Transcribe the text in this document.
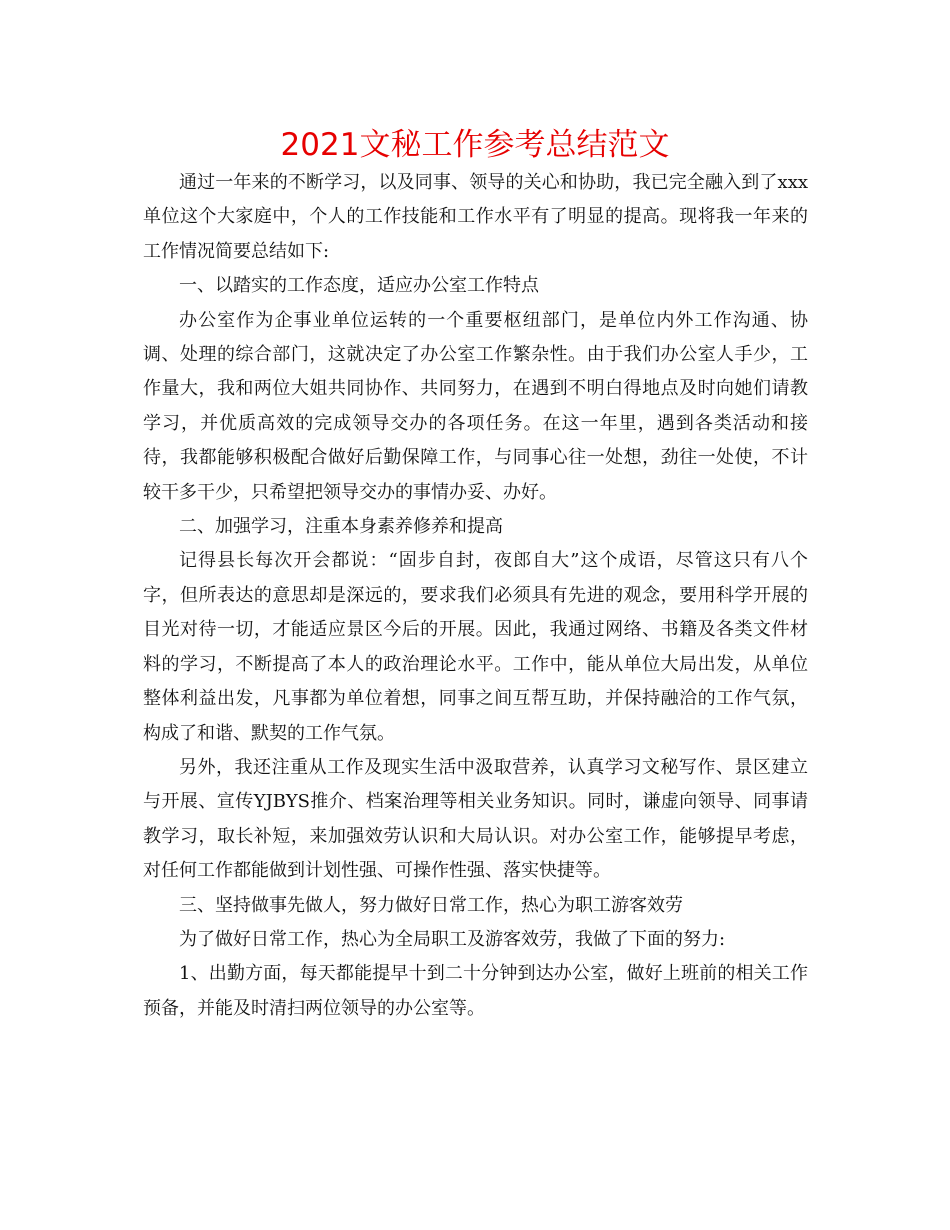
2021文秘工作参考总结范文

通过一年来的不断学习，以及同事、领导的关心和协助，我已完全融入到了xxx单位这个大家庭中，个人的工作技能和工作水平有了明显的提高。现将我一年来的工作情况简要总结如下:

一、以踏实的工作态度，适应办公室工作特点

办公室作为企事业单位运转的一个重要枢纽部门，是单位内外工作沟通、协调、处理的综合部门，这就决定了办公室工作繁杂性。由于我们办公室人手少，工作量大，我和两位大姐共同协作、共同努力，在遇到不明白得地点及时向她们请教学习，并优质高效的完成领导交办的各项任务。在这一年里，遇到各类活动和接待，我都能够积极配合做好后勤保障工作，与同事心往一处想，劲往一处使，不计较干多干少，只希望把领导交办的事情办妥、办好。

二、加强学习，注重本身素养修养和提高

记得县长每次开会都说：“固步自封，夜郎自大”这个成语，尽管这只有八个字，但所表达的意思却是深远的，要求我们必须具有先进的观念，要用科学开展的目光对待一切，才能适应景区今后的开展。因此，我通过网络、书籍及各类文件材料的学习，不断提高了本人的政治理论水平。工作中，能从单位大局出发，从单位整体利益出发，凡事都为单位着想，同事之间互帮互助，并保持融洽的工作气氛，构成了和谐、默契的工作气氛。

另外，我还注重从工作及现实生活中汲取营养，认真学习文秘写作、景区建立与开展、宣传YJBYS推介、档案治理等相关业务知识。同时，谦虚向领导、同事请教学习，取长补短，来加强效劳认识和大局认识。对办公室工作，能够提早考虑，对任何工作都能做到计划性强、可操作性强、落实快捷等。

三、坚持做事先做人，努力做好日常工作，热心为职工游客效劳

为了做好日常工作，热心为全局职工及游客效劳，我做了下面的努力:

1、出勤方面，每天都能提早十到二十分钟到达办公室，做好上班前的相关工作预备，并能及时清扫两位领导的办公室等。
